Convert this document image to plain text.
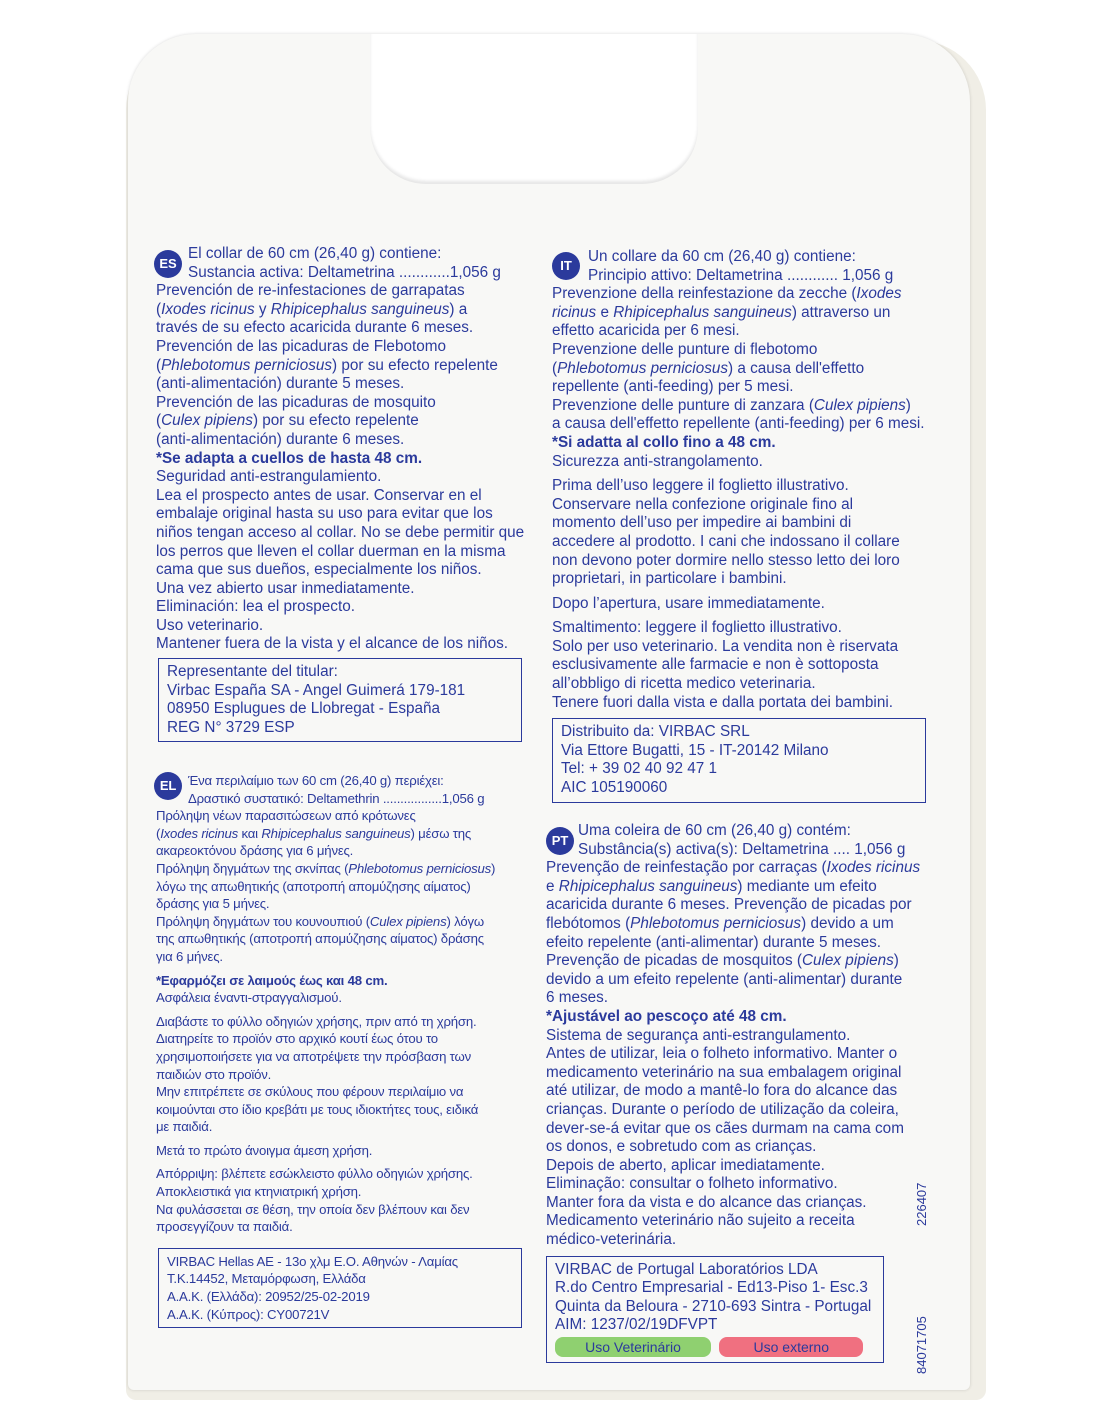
ES

El collar de 60 cm (26,40 g) contiene:

Sustancia activa: Deltametrina ............1,056 g

Prevención de re-infestaciones de garrapatas

(Ixodes ricinus y Rhipicephalus sanguineus) a

través de su efecto acaricida durante 6 meses.

Prevención de las picaduras de Flebotomo

(Phlebotomus perniciosus) por su efecto repelente

(anti-alimentación) durante 5 meses.

Prevención de las picaduras de mosquito

(Culex pipiens) por su efecto repelente

(anti-alimentación) durante 6 meses.

*Se adapta a cuellos de hasta 48 cm.

Seguridad anti-estrangulamiento.

Lea el prospecto antes de usar. Conservar en el

embalaje original hasta su uso para evitar que los

niños tengan acceso al collar. No se debe permitir que

los perros que lleven el collar duerman en la misma

cama que sus dueños, especialmente los niños.

Una vez abierto usar inmediatamente.

Eliminación: lea el prospecto.

Uso veterinario.

Mantener fuera de la vista y el alcance de los niños.

Representante del titular:

Virbac España SA - Angel Guimerá 179-181

08950 Esplugues de Llobregat - España

REG N° 3729 ESP

EL Ένα περιλαίμιο των 60 cm (26,40 g) περιέχει:

Δραστικό συστατικό: Deltamethrin .................1,056 g

Πρόληψη νέων παρασιτώσεων από κρότωνες

(Ixodes ricinus και Rhipicephalus sanguineus) μέσω της

ακαρεοκτόνου δράσης για 6 μήνες.

Πρόληψη δηγμάτων της σκνίπας (Phlebotomus perniciosus)

λόγω της απωθητικής (αποτροπή απομύζησης αίματος)

δράσης για 5 μήνες.

Πρόληψη δηγμάτων του κουνουπιού (Culex pipiens) λόγω

της απωθητικής (αποτροπή απομύζησης αίματος) δράσης

για 6 μήνες.

*Εφαρμόζει σε λαιμούς έως και 48 cm.

Ασφάλεια έναντι-στραγγαλισμού.

Διαβάστε το φύλλο οδηγιών χρήσης, πριν από τη χρήση.

Διατηρείτε το προϊόν στο αρχικό κουτί έως ότου το

χρησιμοποιήσετε για να αποτρέψετε την πρόσβαση των

παιδιών στο προϊόν.

Μην επιτρέπετε σε σκύλους που φέρουν περιλαίμιο να

κοιμούνται στο ίδιο κρεβάτι με τους ιδιοκτήτες τους, ειδικά

με παιδιά.

Μετά το πρώτο άνοιγμα άμεση χρήση.

Απόρριψη: βλέπετε εσώκλειστο φύλλο οδηγιών χρήσης.

Αποκλειστικά για κτηνιατρική χρήση.

Να φυλάσσεται σε θέση, την οποία δεν βλέπουν και δεν

προσεγγίζουν τα παιδιά.

VIRBAC Hellas AE - 13ο χλμ Ε.Ο. Αθηνών - Λαμίας

Τ.Κ.14452, Μεταμόρφωση, Ελλάδα

Α.Α.Κ. (Ελλάδα): 20952/25-02-2019

Α.Α.Κ. (Κύπρος): CY00721V

IT

Un collare da 60 cm (26,40 g) contiene:

Principio attivo: Deltametrina ............ 1,056 g

Prevenzione della reinfestazione da zecche (Ixodes

ricinus e Rhipicephalus sanguineus) attraverso un

effetto acaricida per 6 mesi.

Prevenzione delle punture di flebotomo

(Phlebotomus perniciosus) a causa dell'effetto

repellente (anti-feeding) per 5 mesi.

Prevenzione delle punture di zanzara (Culex pipiens)

a causa dell'effetto repellente (anti-feeding) per 6 mesi.

*Si adatta al collo fino a 48 cm.

Sicurezza anti-strangolamento.

Prima dell’uso leggere il foglietto illustrativo.

Conservare nella confezione originale fino al

momento dell’uso per impedire ai bambini di

accedere al prodotto. I cani che indossano il collare

non devono poter dormire nello stesso letto dei loro

proprietari, in particolare i bambini.

Dopo l’apertura, usare immediatamente.

Smaltimento: leggere il foglietto illustrativo.

Solo per uso veterinario. La vendita non è riservata

esclusivamente alle farmacie e non è sottoposta

all’obbligo di ricetta medico veterinaria.

Tenere fuori dalla vista e dalla portata dei bambini.

Distribuito da: VIRBAC SRL

Via Ettore Bugatti, 15 - IT-20142 Milano

Tel: + 39 02 40 92 47 1

AIC 105190060

PT

Uma coleira de 60 cm (26,40 g) contém:

Substância(s) activa(s): Deltametrina .... 1,056 g

Prevenção de reinfestação por carraças (Ixodes ricinus

e Rhipicephalus sanguineus) mediante um efeito

acaricida durante 6 meses. Prevenção de picadas por

flebótomos (Phlebotomus perniciosus) devido a um

efeito repelente (anti-alimentar) durante 5 meses.

Prevenção de picadas de mosquitos (Culex pipiens)

devido a um efeito repelente (anti-alimentar) durante

6 meses.

*Ajustável ao pescoço até 48 cm.

Sistema de segurança anti-estrangulamento.

Antes de utilizar, leia o folheto informativo. Manter o

medicamento veterinário na sua embalagem original

até utilizar, de modo a mantê-lo fora do alcance das

crianças. Durante o período de utilização da coleira,

dever-se-á evitar que os cães durmam na cama com

os donos, e sobretudo com as crianças.

Depois de aberto, aplicar imediatamente.

Eliminação: consultar o folheto informativo.

Manter fora da vista e do alcance das crianças.

Medicamento veterinário não sujeito a receita

médico-veterinária.

VIRBAC de Portugal Laboratórios LDA

R.do Centro Empresarial - Ed13-Piso 1- Esc.3

Quinta da Beloura - 2710-693 Sintra - Portugal

AIM: 1237/02/19DFVPT

Uso Veterinário	Uso externo
226407
84071705
